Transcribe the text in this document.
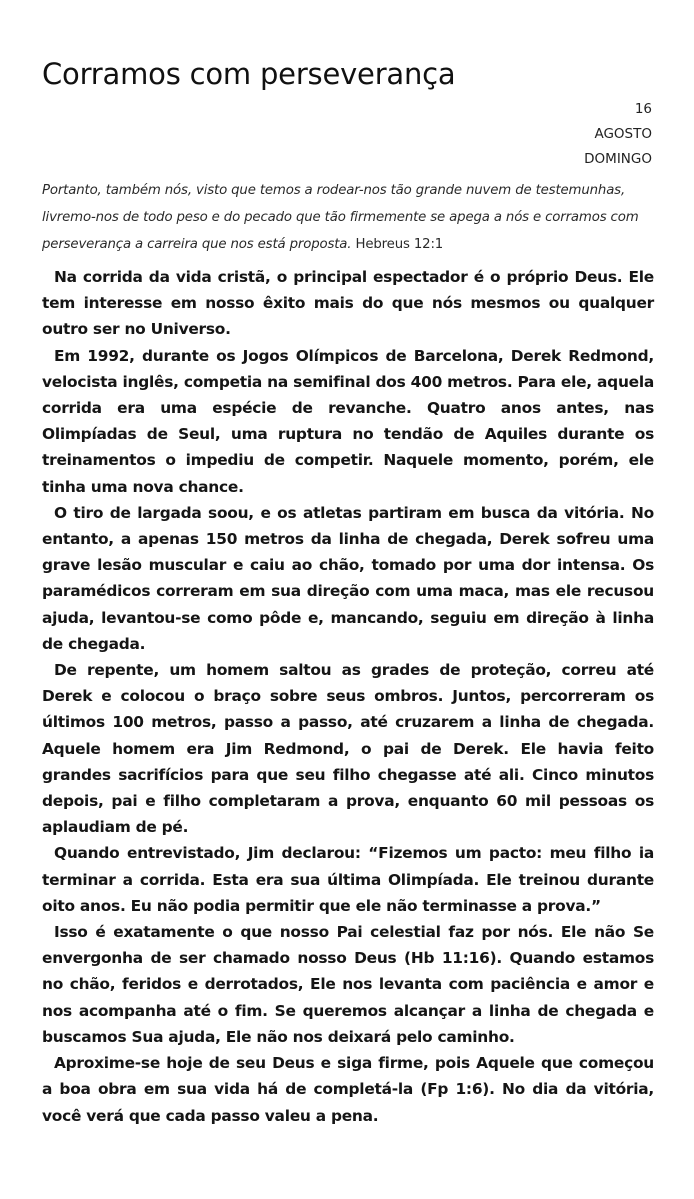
Corramos com perseverança
16
AGOSTO
DOMINGO

Portanto, também nós, visto que temos a rodear-nos tão grande nuvem de testemunhas, livremo-nos de todo peso e do pecado que tão firmemente se apega a nós e corramos com perseverança a carreira que nos está proposta. Hebreus 12:1

Na corrida da vida cristã, o principal espectador é o próprio Deus. Ele tem interesse em nosso êxito mais do que nós mesmos ou qualquer outro ser no Universo.

Em 1992, durante os Jogos Olímpicos de Barcelona, Derek Redmond, velocista inglês, competia na semifinal dos 400 metros. Para ele, aquela corrida era uma espécie de revanche. Quatro anos antes, nas Olimpíadas de Seul, uma ruptura no tendão de Aquiles durante os treinamentos o impediu de competir. Naquele momento, porém, ele tinha uma nova chance.

O tiro de largada soou, e os atletas partiram em busca da vitória. No entanto, a apenas 150 metros da linha de chegada, Derek sofreu uma grave lesão muscular e caiu ao chão, tomado por uma dor intensa. Os paramédicos correram em sua direção com uma maca, mas ele recusou ajuda, levantou-se como pôde e, mancando, seguiu em direção à linha de chegada.

De repente, um homem saltou as grades de proteção, correu até Derek e colocou o braço sobre seus ombros. Juntos, percorreram os últimos 100 metros, passo a passo, até cruzarem a linha de chegada. Aquele homem era Jim Redmond, o pai de Derek. Ele havia feito grandes sacrifícios para que seu filho chegasse até ali. Cinco minutos depois, pai e filho completaram a prova, enquanto 60 mil pessoas os aplaudiam de pé.

Quando entrevistado, Jim declarou: “Fizemos um pacto: meu filho ia terminar a corrida. Esta era sua última Olimpíada. Ele treinou durante oito anos. Eu não podia permitir que ele não terminasse a prova.”

Isso é exatamente o que nosso Pai celestial faz por nós. Ele não Se envergonha de ser chamado nosso Deus (Hb 11:16). Quando estamos no chão, feridos e derrotados, Ele nos levanta com paciência e amor e nos acompanha até o fim. Se queremos alcançar a linha de chegada e buscamos Sua ajuda, Ele não nos deixará pelo caminho.

Aproxime-se hoje de seu Deus e siga firme, pois Aquele que começou a boa obra em sua vida há de completá-la (Fp 1:6). No dia da vitória, você verá que cada passo valeu a pena.
